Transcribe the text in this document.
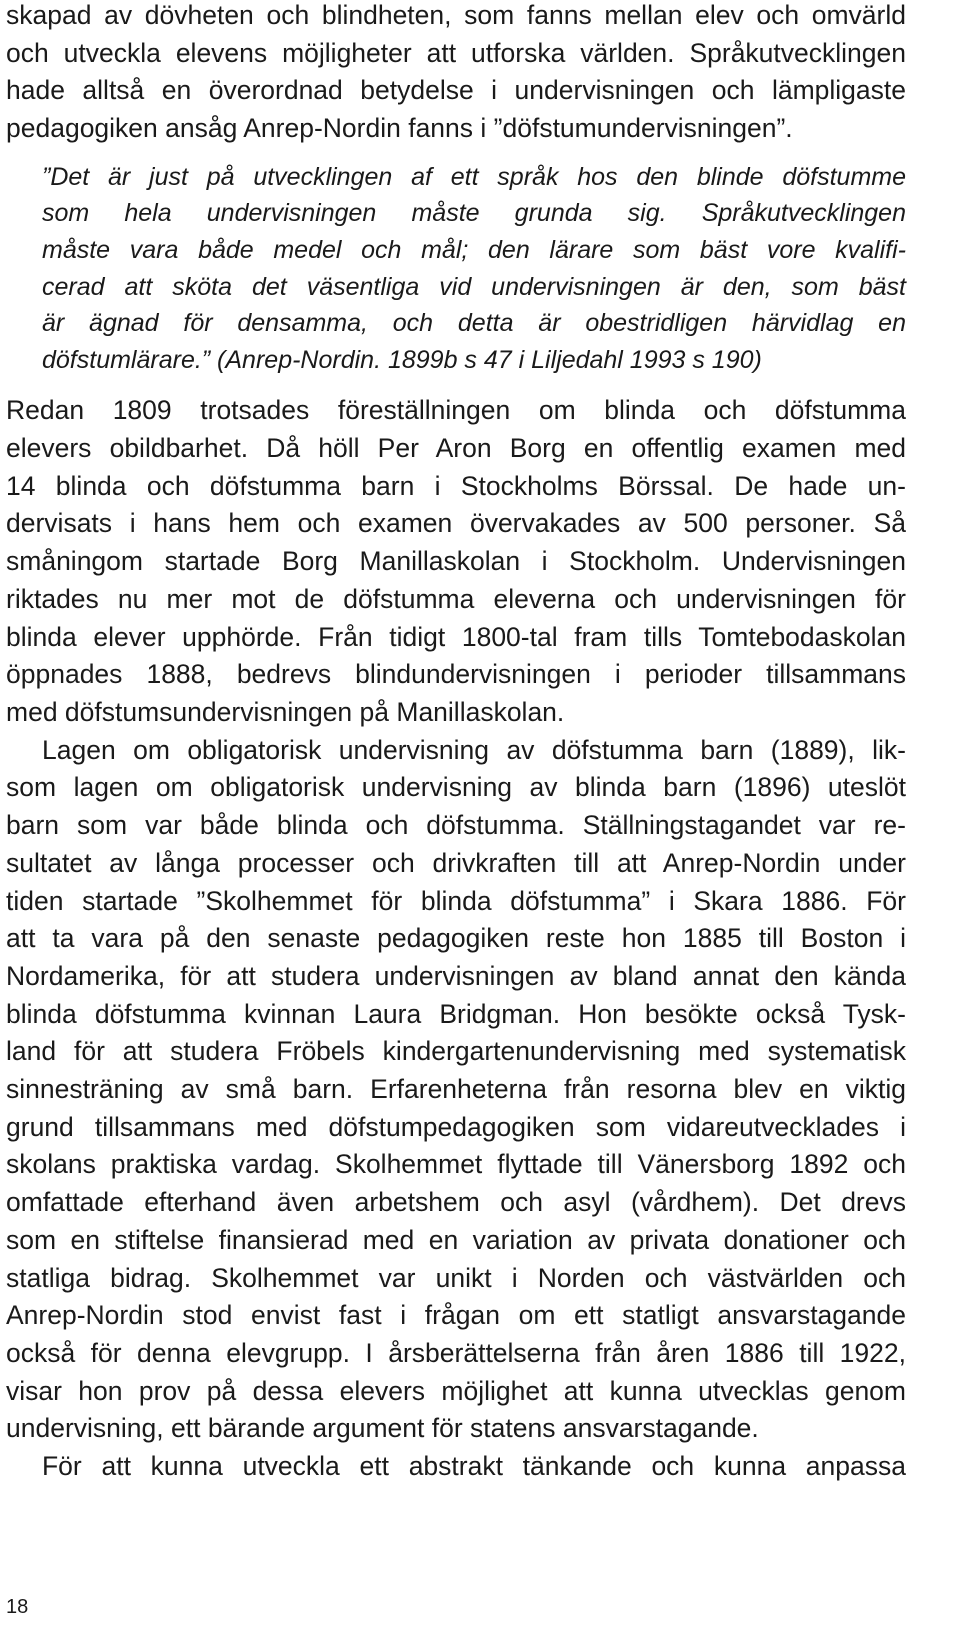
skapad av dövheten och blindheten, som fanns mellan elev och omvärld
och utveckla elevens möjligheter att utforska världen. Språkutvecklingen
hade alltså en överordnad betydelse i undervisningen och lämpligaste
pedagogiken ansåg Anrep-Nordin fanns i ”döfstumundervisningen”.
”Det är just på utvecklingen af ett språk hos den blinde döfstumme
som hela undervisningen måste grunda sig. Språkutvecklingen
måste vara både medel och mål; den lärare som bäst vore kvalifi-
cerad att sköta det väsentliga vid undervisningen är den, som bäst
är ägnad för densamma, och detta är obestridligen härvidlag en
döfstumlärare.” (Anrep-Nordin. 1899b s 47 i Liljedahl 1993 s 190)
Redan 1809 trotsades föreställningen om blinda och döfstumma
elevers obildbarhet. Då höll Per Aron Borg en offentlig examen med
14 blinda och döfstumma barn i Stockholms Börssal. De hade un-
dervisats i hans hem och examen övervakades av 500 personer. Så
småningom startade Borg Manillaskolan i Stockholm. Undervisningen
riktades nu mer mot de döfstumma eleverna och undervisningen för
blinda elever upphörde. Från tidigt 1800-tal fram tills Tomtebodaskolan
öppnades 1888, bedrevs blindundervisningen i perioder tillsammans
med döfstumsundervisningen på Manillaskolan.
Lagen om obligatorisk undervisning av döfstumma barn (1889), lik-
som lagen om obligatorisk undervisning av blinda barn (1896) uteslöt
barn som var både blinda och döfstumma. Ställningstagandet var re-
sultatet av långa processer och drivkraften till att Anrep-Nordin under
tiden startade ”Skolhemmet för blinda döfstumma” i Skara 1886. För
att ta vara på den senaste pedagogiken reste hon 1885 till Boston i
Nordamerika, för att studera undervisningen av bland annat den kända
blinda döfstumma kvinnan Laura Bridgman. Hon besökte också Tysk-
land för att studera Fröbels kindergartenundervisning med systematisk
sinnesträning av små barn. Erfarenheterna från resorna blev en viktig
grund tillsammans med döfstumpedagogiken som vidareutvecklades i
skolans praktiska vardag. Skolhemmet flyttade till Vänersborg 1892 och
omfattade efterhand även arbetshem och asyl (vårdhem). Det drevs
som en stiftelse finansierad med en variation av privata donationer och
statliga bidrag. Skolhemmet var unikt i Norden och västvärlden och
Anrep-Nordin stod envist fast i frågan om ett statligt ansvarstagande
också för denna elevgrupp. I årsberättelserna från åren 1886 till 1922,
visar hon prov på dessa elevers möjlighet att kunna utvecklas genom
undervisning, ett bärande argument för statens ansvarstagande.
För att kunna utveckla ett abstrakt tänkande och kunna anpassa
18
